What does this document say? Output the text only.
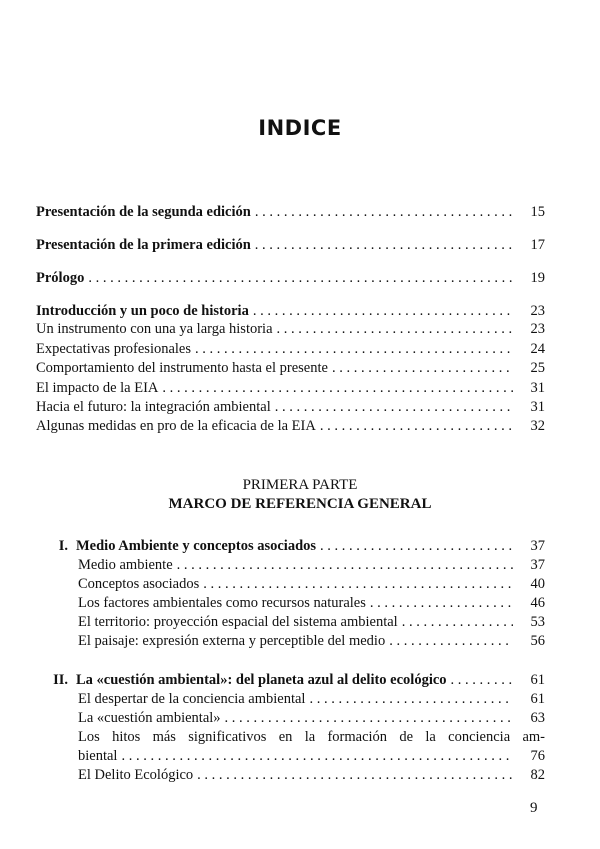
INDICE
Presentación de la segunda edición . . .	15
Presentación de la primera edición . . .	17
Prólogo . . .	19
Introducción y un poco de historia . . .	23
Un instrumento con una ya larga historia . . .	23
Expectativas profesionales . . .	24
Comportamiento del instrumento hasta el presente . . .	25
El impacto de la EIA . . .	31
Hacia el futuro: la integración ambiental . . .	31
Algunas medidas en pro de la eficacia de la EIA . . .	32
PRIMERA PARTE
MARCO DE REFERENCIA GENERAL
I. Medio Ambiente y conceptos asociados . . .	37
Medio ambiente . . .	37
Conceptos asociados . . .	40
Los factores ambientales como recursos naturales . . .	46
El territorio: proyección espacial del sistema ambiental . . .	53
El paisaje: expresión externa y perceptible del medio . . .	56
II. La «cuestión ambiental»: del planeta azul al delito ecológico . . .	61
El despertar de la conciencia ambiental . . .	61
La «cuestión ambiental» . . .	63
Los hitos más significativos en la formación de la conciencia am-
biental . . .	76
El Delito Ecológico . . .	82
9
